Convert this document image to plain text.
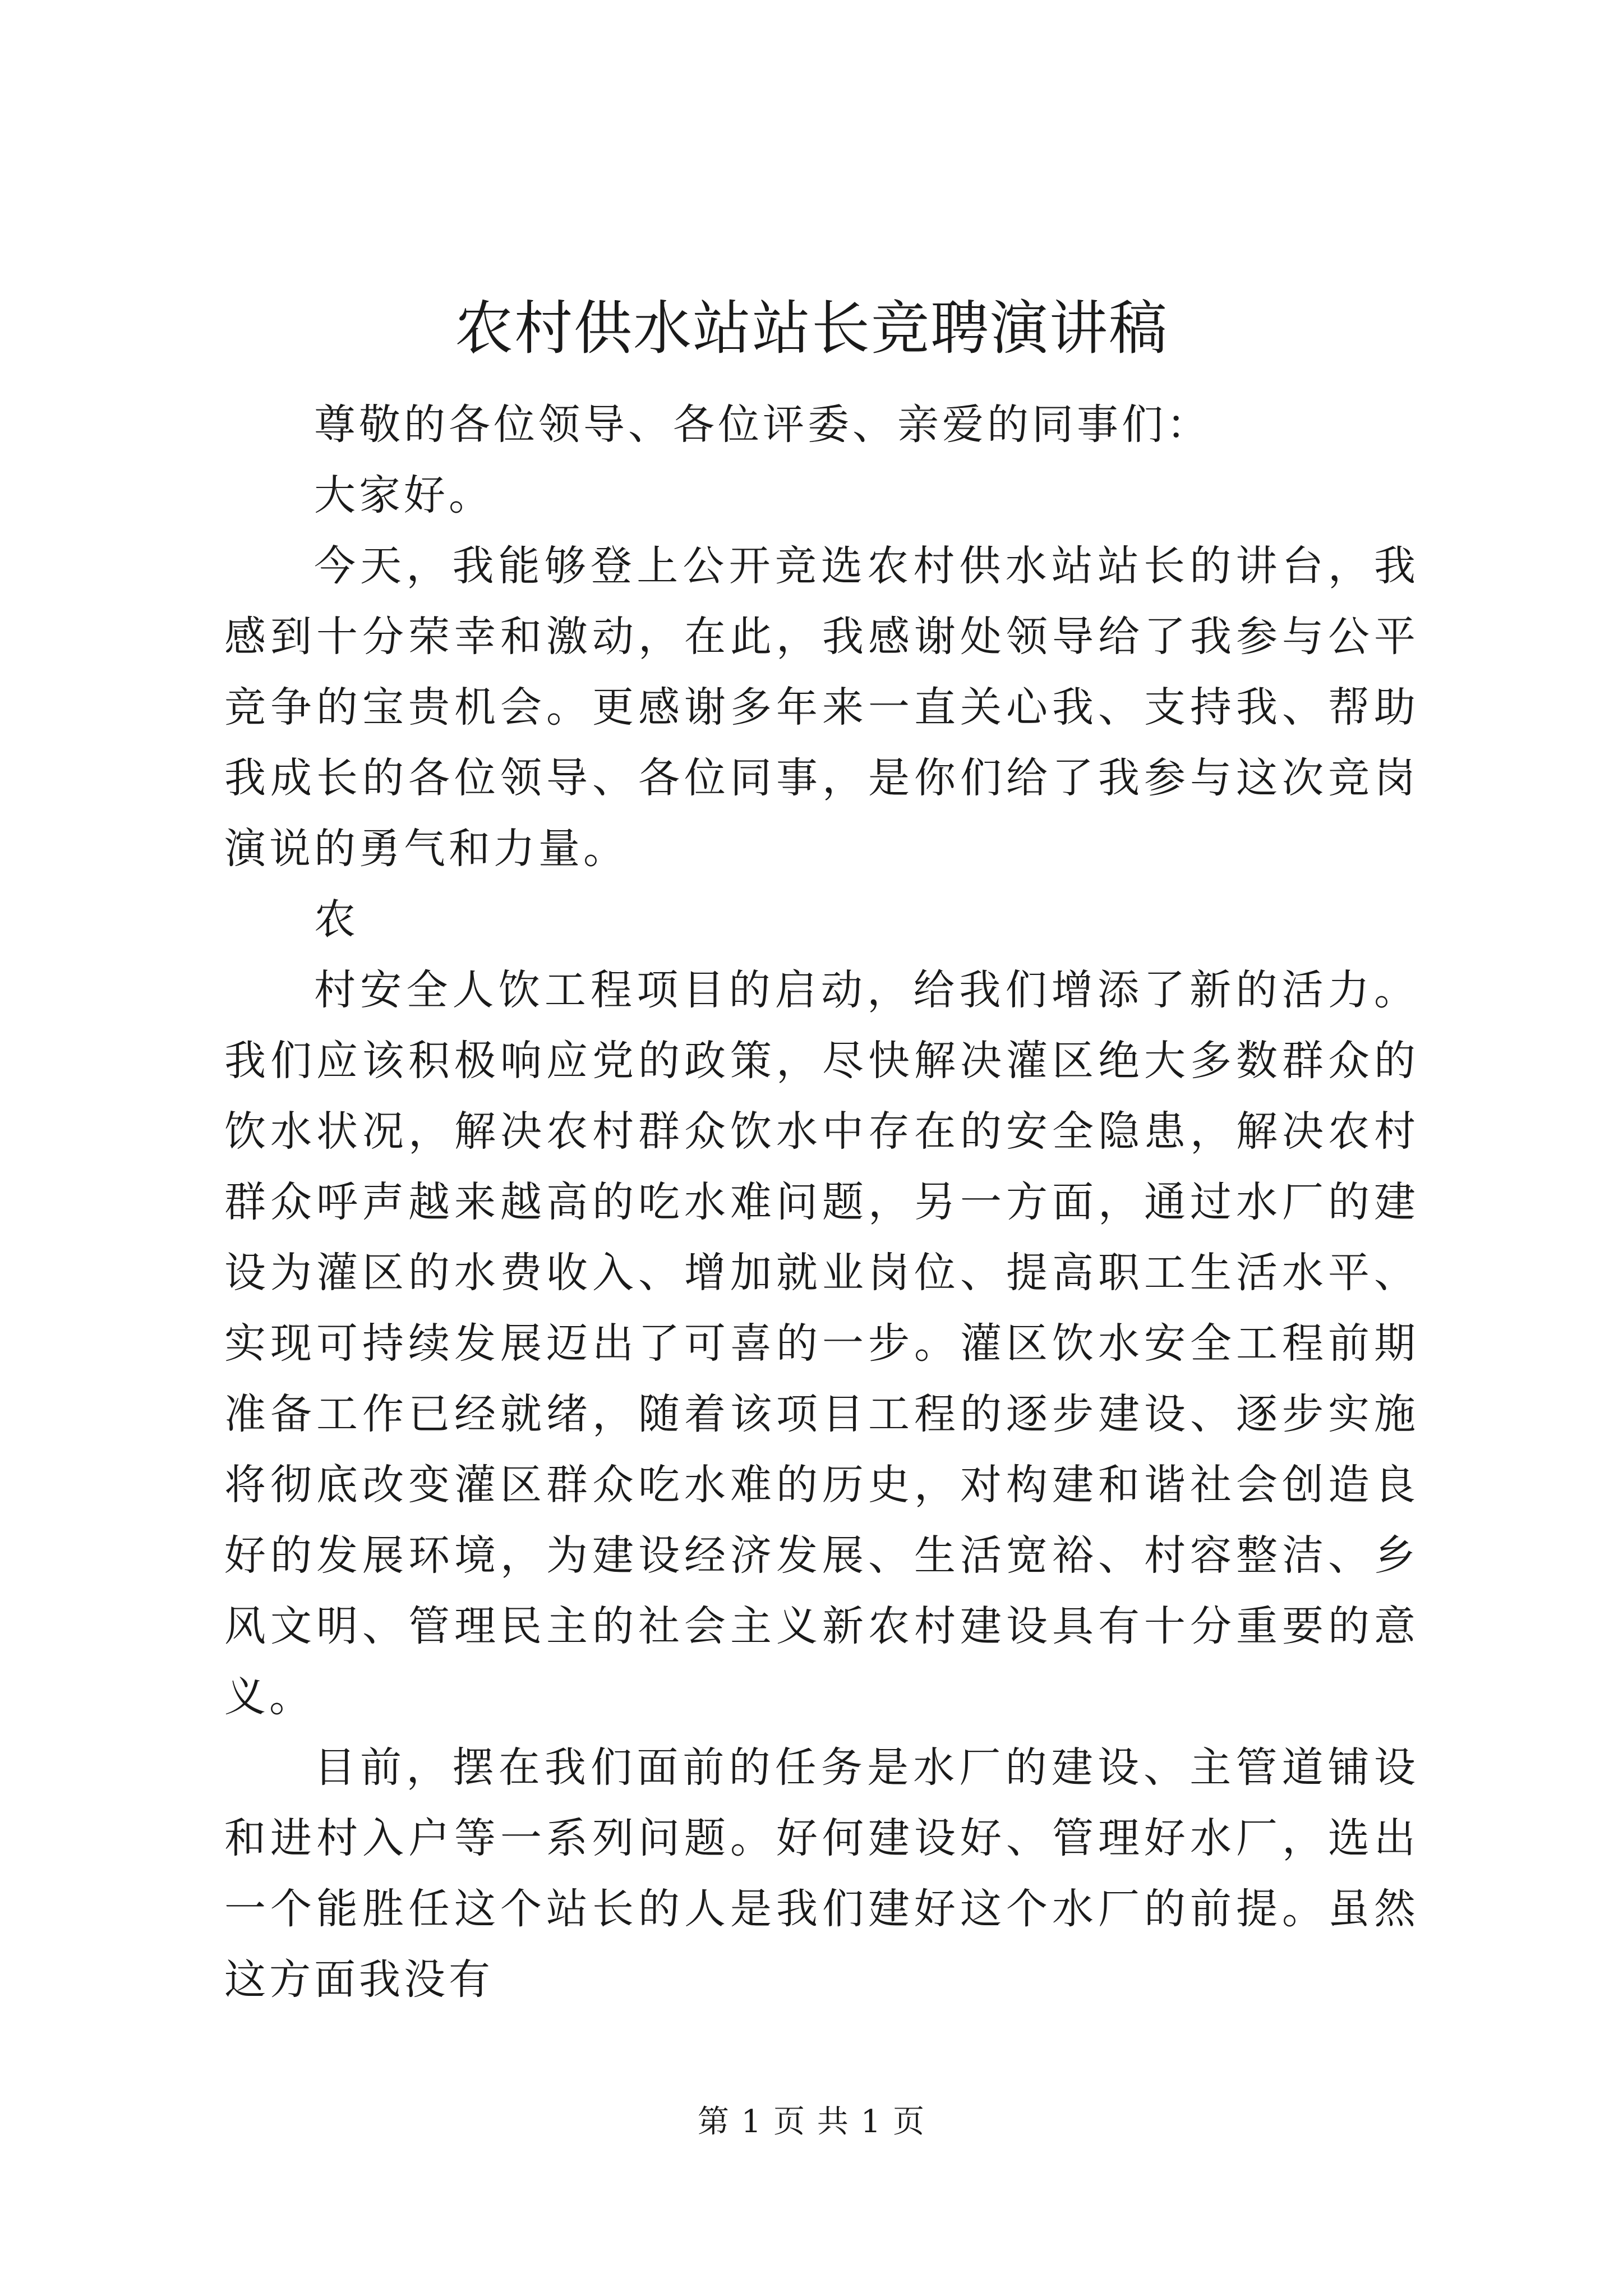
农村供水站站长竞聘演讲稿

尊敬的各位领导、各位评委、亲爱的同事们：

大家好。

今天，我能够登上公开竞选农村供水站站长的讲台，我感到十分荣幸和激动，在此，我感谢处领导给了我参与公平竞争的宝贵机会。更感谢多年来一直关心我、支持我、帮助我成长的各位领导、各位同事，是你们给了我参与这次竞岗演说的勇气和力量。

农

村安全人饮工程项目的启动，给我们增添了新的活力。我们应该积极响应党的政策，尽快解决灌区绝大多数群众的饮水状况，解决农村群众饮水中存在的安全隐患，解决农村群众呼声越来越高的吃水难问题，另一方面，通过水厂的建设为灌区的水费收入、增加就业岗位、提高职工生活水平、实现可持续发展迈出了可喜的一步。灌区饮水安全工程前期准备工作已经就绪，随着该项目工程的逐步建设、逐步实施将彻底改变灌区群众吃水难的历史，对构建和谐社会创造良好的发展环境，为建设经济发展、生活宽裕、村容整洁、乡风文明、管理民主的社会主义新农村建设具有十分重要的意义。

目前，摆在我们面前的任务是水厂的建设、主管道铺设和进村入户等一系列问题。好何建设好、管理好水厂，选出一个能胜任这个站长的人是我们建好这个水厂的前提。虽然这方面我没有

第 1 页 共 1 页
